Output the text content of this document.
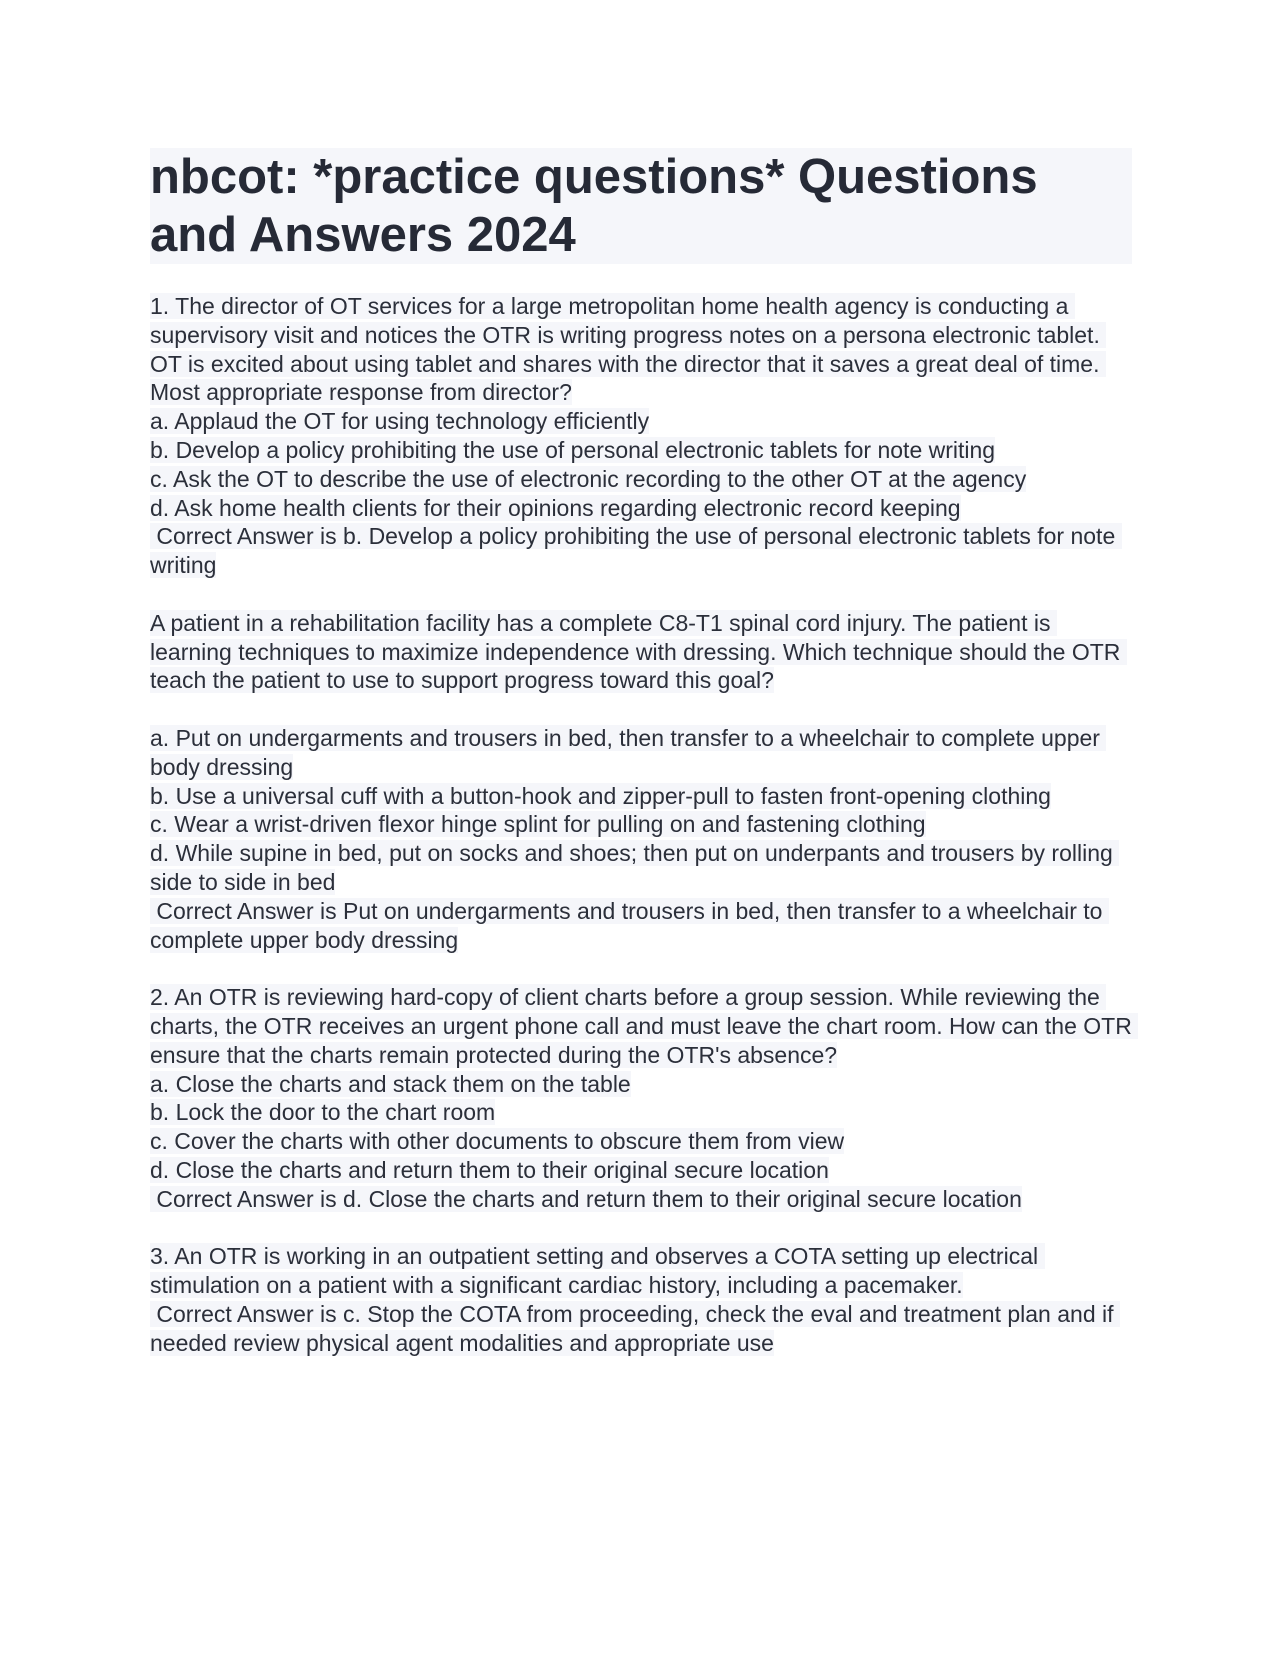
nbcot: *practice questions* Questions and Answers 2024
1. The director of OT services for a large metropolitan home health agency is conducting a supervisory visit and notices the OTR is writing progress notes on a persona electronic tablet. OT is excited about using tablet and shares with the director that it saves a great deal of time. Most appropriate response from director?
a. Applaud the OT for using technology efficiently
b. Develop a policy prohibiting the use of personal electronic tablets for note writing
c. Ask the OT to describe the use of electronic recording to the other OT at the agency
d. Ask home health clients for their opinions regarding electronic record keeping
Correct Answer is b. Develop a policy prohibiting the use of personal electronic tablets for note writing
A patient in a rehabilitation facility has a complete C8-T1 spinal cord injury. The patient is learning techniques to maximize independence with dressing. Which technique should the OTR teach the patient to use to support progress toward this goal?
a. Put on undergarments and trousers in bed, then transfer to a wheelchair to complete upper body dressing
b. Use a universal cuff with a button-hook and zipper-pull to fasten front-opening clothing
c. Wear a wrist-driven flexor hinge splint for pulling on and fastening clothing
d. While supine in bed, put on socks and shoes; then put on underpants and trousers by rolling side to side in bed
Correct Answer is Put on undergarments and trousers in bed, then transfer to a wheelchair to complete upper body dressing
2. An OTR is reviewing hard-copy of client charts before a group session. While reviewing the charts, the OTR receives an urgent phone call and must leave the chart room. How can the OTR ensure that the charts remain protected during the OTR's absence?
a. Close the charts and stack them on the table
b. Lock the door to the chart room
c. Cover the charts with other documents to obscure them from view
d. Close the charts and return them to their original secure location
Correct Answer is d. Close the charts and return them to their original secure location
3. An OTR is working in an outpatient setting and observes a COTA setting up electrical stimulation on a patient with a significant cardiac history, including a pacemaker.
Correct Answer is c. Stop the COTA from proceeding, check the eval and treatment plan and if needed review physical agent modalities and appropriate use
